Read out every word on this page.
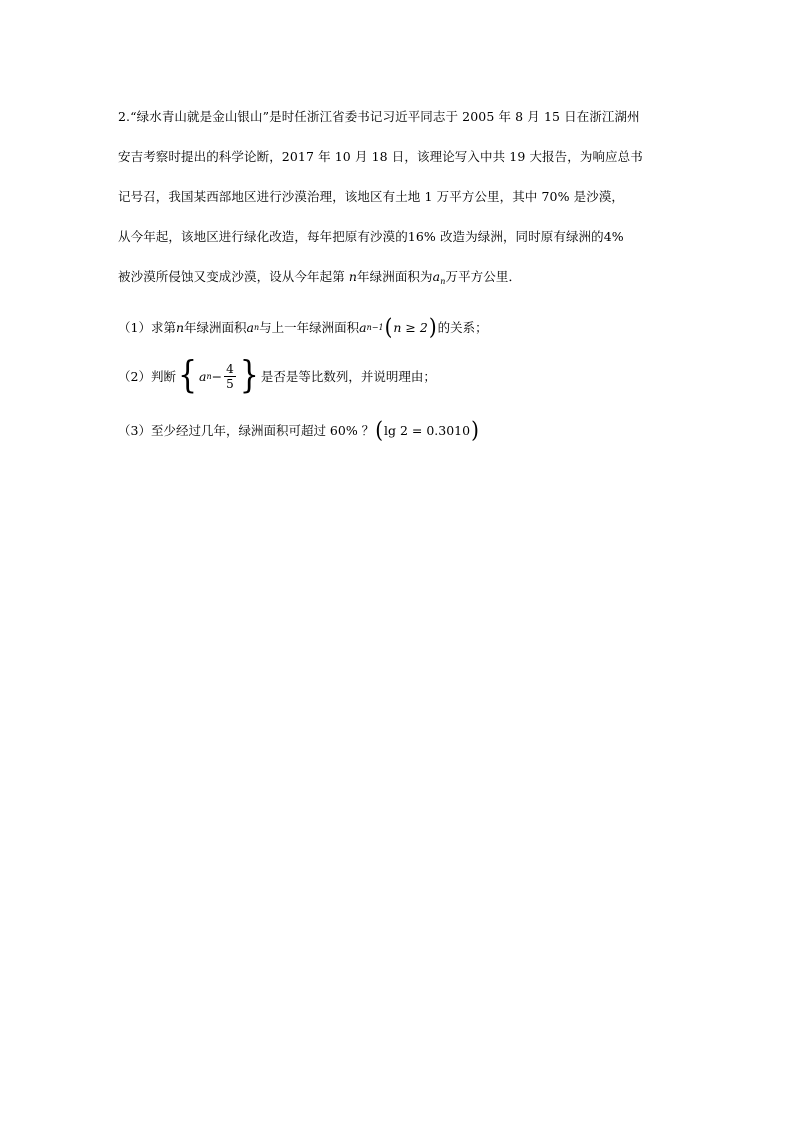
2.“绿水青山就是金山银山”是时任浙江省委书记习近平同志于 2005 年 8 月 15 日在浙江湖州
安吉考察时提出的科学论断，2017 年 10 月 18 日，该理论写入中共 19 大报告，为响应总书
记号召，我国某西部地区进行沙漠治理，该地区有土地 1 万平方公里，其中 70% 是沙漠，
从今年起，该地区进行绿化改造，每年把原有沙漠的16% 改造为绿洲，同时原有绿洲的4%
被沙漠所侵蚀又变成沙漠，设从今年起第 n年绿洲面积为$a_n$万平方公里．
（1）求第 n 年绿洲面积 a n 与上一年绿洲面积 a n−1 ( n ≥ 2 ) 的关系；
（2）判断 { a $n - \frac{4}{5}$ } 是否是等比数列，并说明理由；
（3）至少经过几年，绿洲面积可超过 60% ？ ( lg 2 = 0.3010 )
